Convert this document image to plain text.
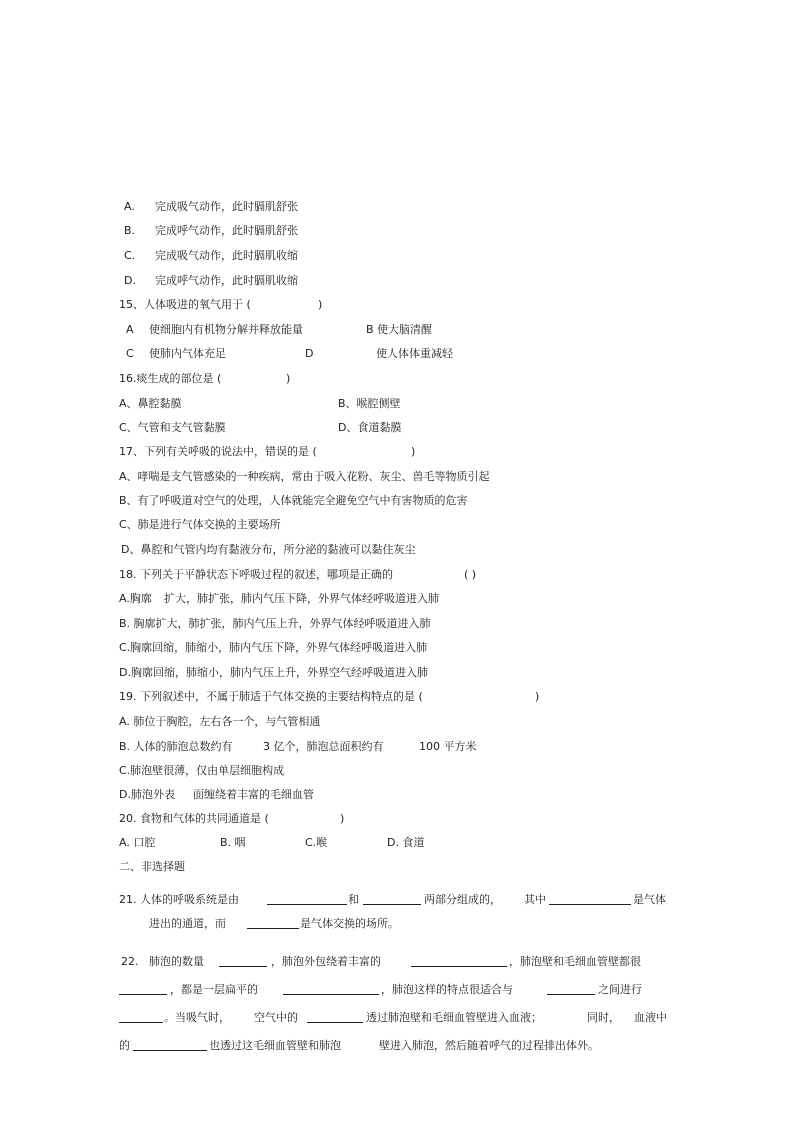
A. 完成吸气动作，此时膈肌舒张
B. 完成呼气动作，此时膈肌舒张
C. 完成吸气动作，此时膈肌收缩
D. 完成呼气动作，此时膈肌收缩
15、人体吸进的氧气用于 (	)
A 使细胞内有机物分解并释放能量	B 使大脑清醒
C 使肺内气体充足	D	使人体体重减轻
16.痰生成的部位是 (	)
A、鼻腔黏膜	B、喉腔侧壁
C、气管和支气管黏膜	D、食道黏膜
17、下列有关呼吸的说法中，错误的是 (	)
A、哮喘是支气管感染的一种疾病，常由于吸入花粉、灰尘、兽毛等物质引起
B、有了呼吸道对空气的处理，人体就能完全避免空气中有害物质的危害
C、肺是进行气体交换的主要场所
D、鼻腔和气管内均有黏液分布，所分泌的黏液可以黏住灰尘
18. 下列关于平静状态下呼吸过程的叙述，哪项是正确的	( )
A.胸廓 扩大，肺扩张，肺内气压下降，外界气体经呼吸道进入肺
B. 胸廓扩大，肺扩张，肺内气压上升，外界气体经呼吸道进入肺
C.胸廓回缩，肺缩小，肺内气压下降，外界气体经呼吸道进入肺
D.胸廓回缩，肺缩小，肺内气压上升，外界空气经呼吸道进入肺
19. 下列叙述中，不属于肺适于气体交换的主要结构特点的是 (	)
A. 肺位于胸腔，左右各一个，与气管相通
B. 人体的肺泡总数约有	3 亿个，肺泡总面积约有	100 平方米
C.肺泡壁很薄，仅由单层细胞构成
D.肺泡外表 面缠绕着丰富的毛细血管
20. 食物和气体的共同通道是 (	)
A. 口腔	B. 咽	C.喉	D. 食道
二、非选择题
21. 人体的呼吸系统是由	和	两部分组成的， 其中	是气体
进出的通道，而	是气体交换的场所。
22. 肺泡的数量	，肺泡外包绕着丰富的	，肺泡壁和毛细血管壁都很
，都是一层扁平的	，肺泡这样的特点很适合与	之间进行
。当吸气时， 空气中的	透过肺泡壁和毛细血管壁进入血液；	同时， 血液中
的	也透过这毛细血管壁和肺泡	壁进入肺泡，然后随着呼气的过程排出体外。
